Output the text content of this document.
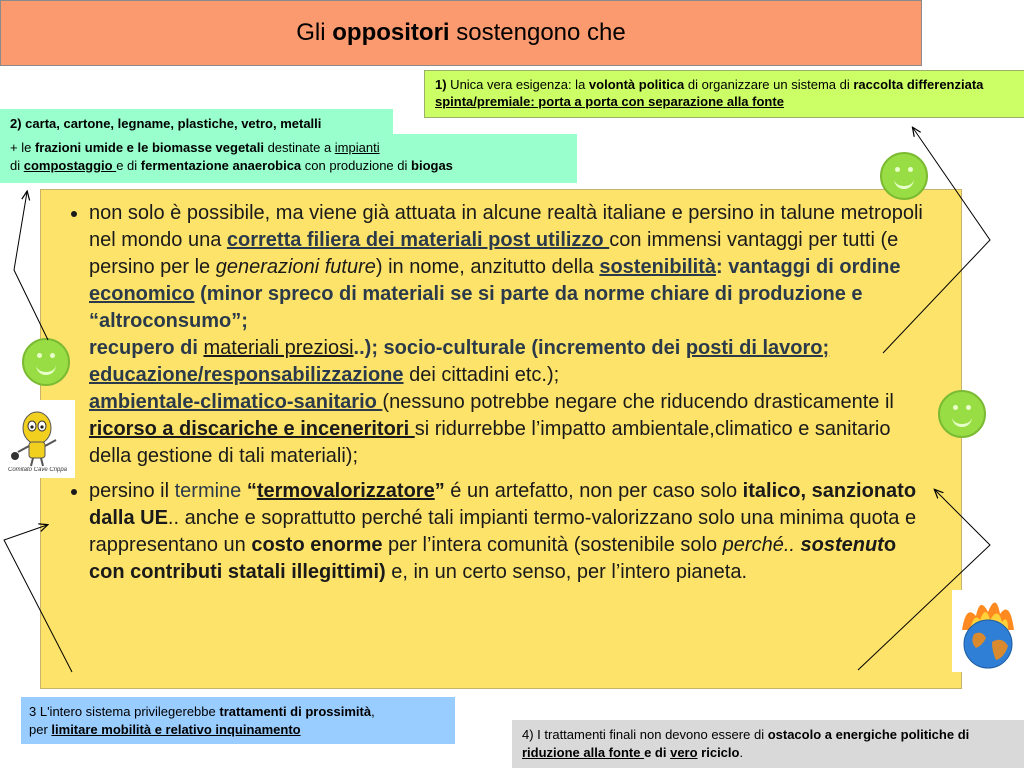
Gli
oppositori
sostengono che
1) Unica vera esigenza: la volontà politica di organizzare un sistema di raccolta differenziata spinta/premiale: porta a porta con separazione alla fonte
2) carta, cartone, legname, plastiche, vetro, metalli
+ le frazioni umide e le biomasse vegetali destinate a impianti
di compostaggio e di fermentazione anaerobica con produzione di biogas
• non solo è possibile, ma viene già attuata in alcune realtà italiane e persino in talune metropoli nel mondo una corretta filiera dei materiali post utilizzo con immensi vantaggi per tutti (e persino per le generazioni future) in nome, anzitutto della sostenibilità: vantaggi di ordine economico (minor spreco di materiali se si parte da norme chiare di produzione e “altroconsumo”;
recupero di materiali preziosi..); socio-culturale (incremento dei posti di lavoro; educazione/responsabilizzazione dei cittadini etc.);
ambientale-climatico-sanitario (nessuno potrebbe negare che riducendo drasticamente il ricorso a discariche e inceneritori si ridurrebbe l’impatto ambientale,climatico e sanitario della gestione di tali materiali);
• persino il termine “termovalorizzatore” é un artefatto, non per caso solo italico, sanzionato dalla UE.. anche e soprattutto perché tali impianti termo-valorizzano solo una minima quota e rappresentano un costo enorme per l’intera comunità (sostenibile solo perché.. sostenuto
con contributi statali illegittimi) e, in un certo senso, per l’intero pianeta.
3 L'intero sistema privilegerebbe trattamenti di prossimità,
per limitare mobilità e relativo inquinamento	4) I trattamenti finali non devono essere di ostacolo a energiche politiche di riduzione alla fonte e di vero riciclo.
Comitato Cave Crippa
